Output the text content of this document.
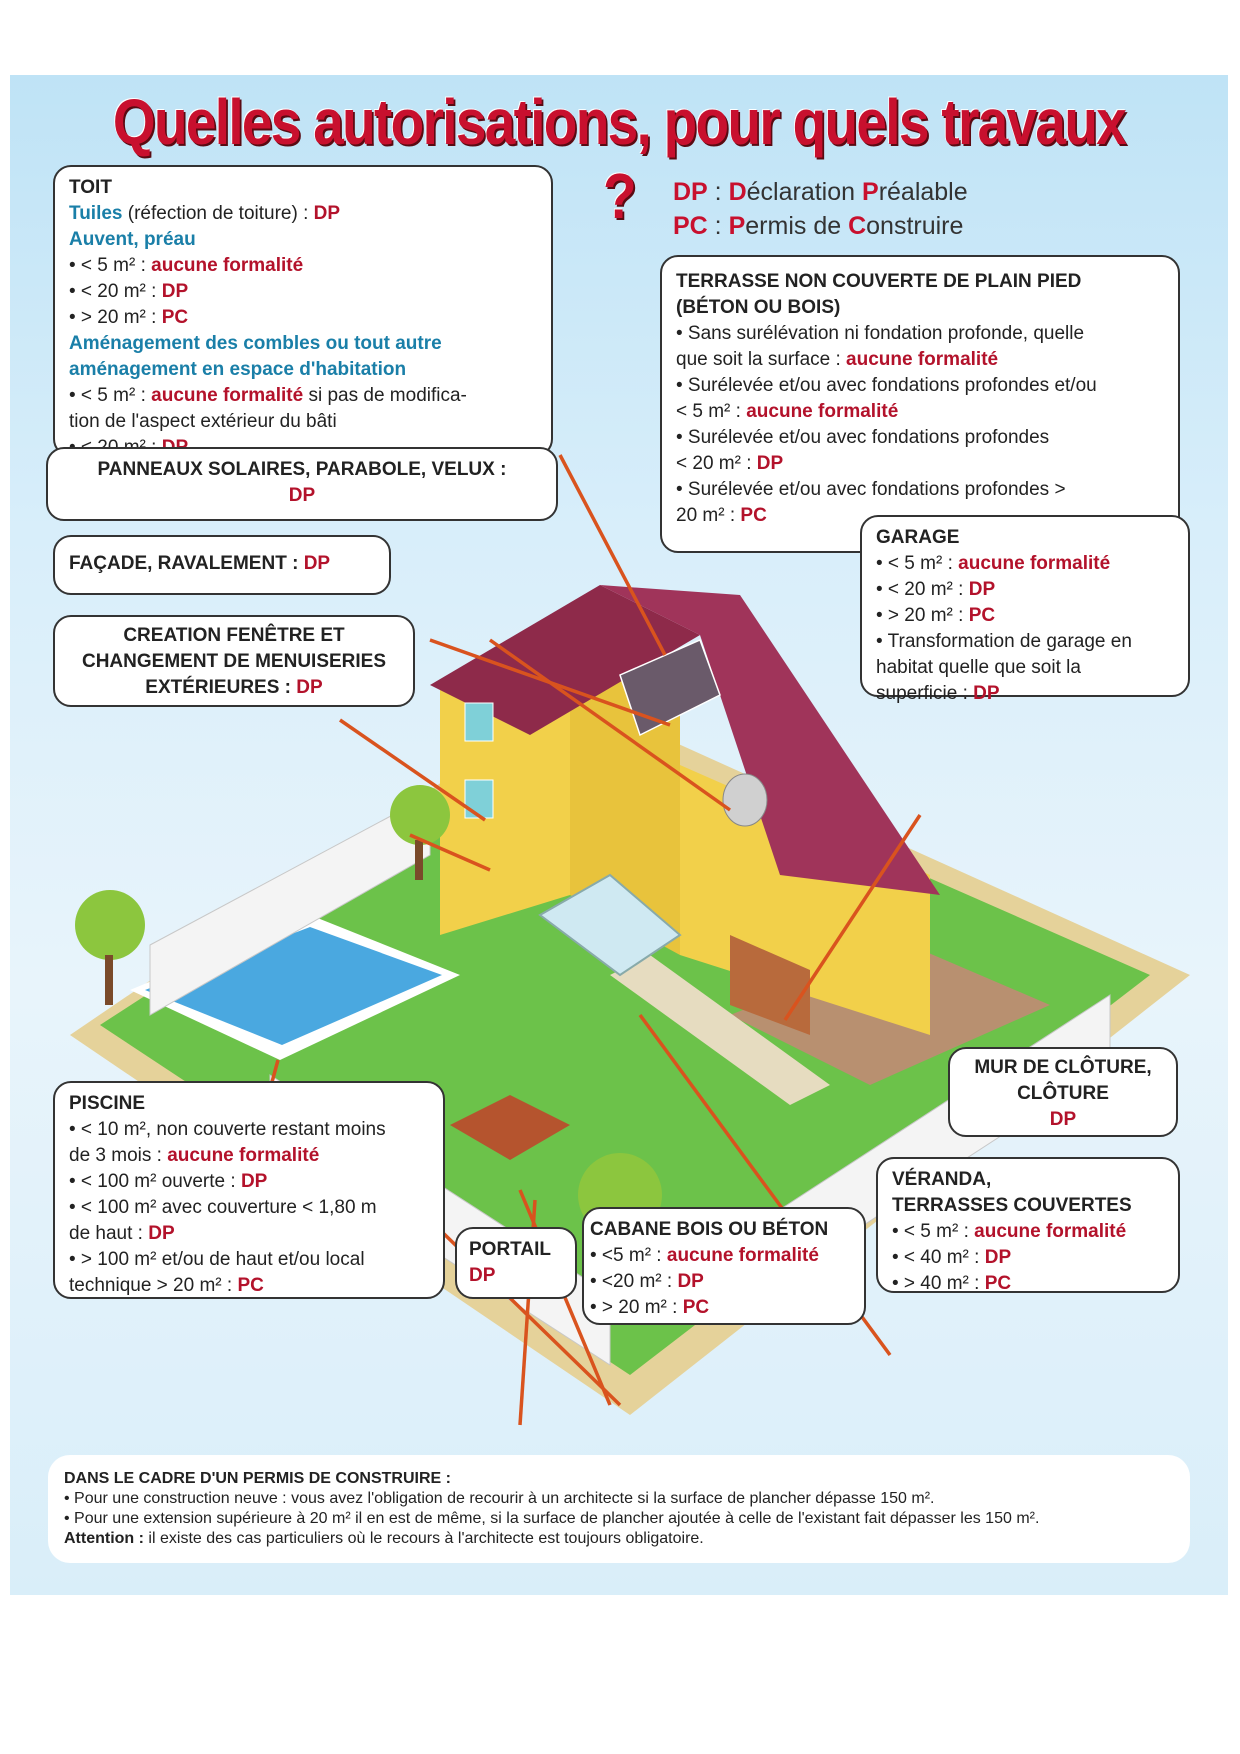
Quelles autorisations, pour quels travaux ?	DP : Déclaration Préalable
PC : Permis de Construire
TOIT
Tuiles (réfection de toiture) : DP
Auvent, préau
• < 5 m² : aucune formalité
• < 20 m² : DP
• > 20 m² : PC
Aménagement des combles ou tout autre
aménagement en espace d'habitation
• < 5 m² : aucune formalité si pas de modifica-
tion de l'aspect extérieur du bâti
TERRASSE NON COUVERTE DE PLAIN PIED
(BÉTON OU BOIS)
• Sans surélévation ni fondation profonde, quelle
que soit la surface : aucune formalité
• Surélevée et/ou avec fondations profondes et/ou
< 5 m² : aucune formalité
• Surélevée et/ou avec fondations profondes
< 20 m² : DP
• Surélevée et/ou avec fondations profondes >
20 m² : PC
PANNEAUX SOLAIRES, PARABOLE, VELUX :
DP
FAÇADE, RAVALEMENT : DP
CREATION FENÊTRE ET
CHANGEMENT DE MENUISERIES
EXTÉRIEURES : DP
GARAGE
• < 5 m² : aucune formalité
• < 20 m² : DP
• > 20 m² : PC
• Transformation de garage en
habitat quelle que soit la
superficie : DP
MUR DE CLÔTURE,
CLÔTURE
DP
PISCINE
• < 10 m², non couverte restant moins
de 3 mois : aucune formalité
• < 100 m² ouverte : DP
• < 100 m² avec couverture < 1,80 m
de haut : DP
• > 100 m² et/ou de haut et/ou local
technique > 20 m² : PC
PORTAIL
DP
CABANE BOIS OU BÉTON
• <5 m² : aucune formalité
• <20 m² : DP
• > 20 m² : PC
VÉRANDA,
TERRASSES COUVERTES
• < 5 m² : aucune formalité
• < 40 m² : DP
• > 40 m² : PC
DANS LE CADRE D'UN PERMIS DE CONSTRUIRE :
• Pour une construction neuve : vous avez l'obligation de recourir à un architecte si la surface de plancher dépasse 150 m².
• Pour une extension supérieure à 20 m² il en est de même, si la surface de plancher ajoutée à celle de l'existant fait dépasser les 150 m².
Attention : il existe des cas particuliers où le recours à l'architecte est toujours obligatoire.
